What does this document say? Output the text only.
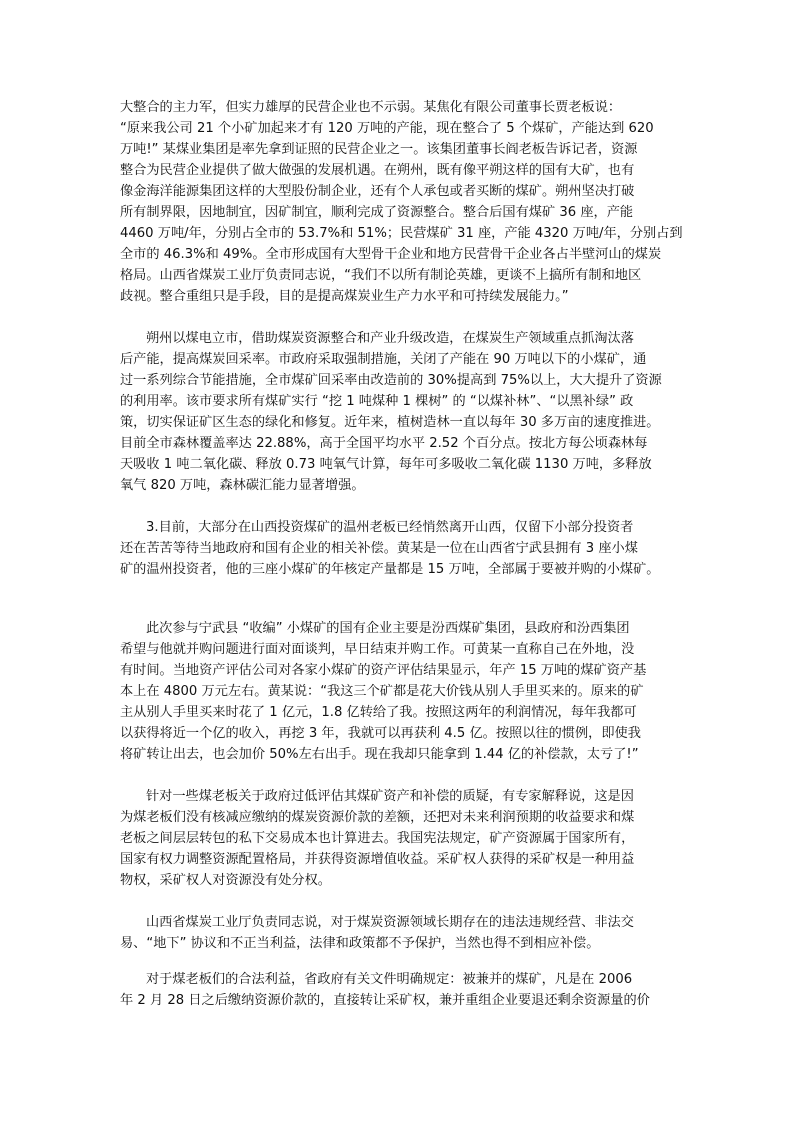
大整合的主力军，但实力雄厚的民营企业也不示弱。某焦化有限公司董事长贾老板说：
“原来我公司 21 个小矿加起来才有 120 万吨的产能，现在整合了 5 个煤矿，产能达到 620
万吨!” 某煤业集团是率先拿到证照的民营企业之一。该集团董事长阎老板告诉记者，资源
整合为民营企业提供了做大做强的发展机遇。在朔州，既有像平朔这样的国有大矿，也有
像金海洋能源集团这样的大型股份制企业，还有个人承包或者买断的煤矿。朔州坚决打破
所有制界限，因地制宜，因矿制宜，顺利完成了资源整合。整合后国有煤矿 36 座，产能
4460 万吨/年，分别占全市的 53.7%和 51%；民营煤矿 31 座，产能 4320 万吨/年，分别占到
全市的 46.3%和 49%。全市形成国有大型骨干企业和地方民营骨干企业各占半壁河山的煤炭
格局。山西省煤炭工业厅负责同志说，“我们不以所有制论英雄，更谈不上搞所有制和地区
歧视。整合重组只是手段，目的是提高煤炭业生产力水平和可持续发展能力。”
朔州以煤电立市，借助煤炭资源整合和产业升级改造，在煤炭生产领域重点抓淘汰落
后产能，提高煤炭回采率。市政府采取强制措施，关闭了产能在 90 万吨以下的小煤矿，通
过一系列综合节能措施，全市煤矿回采率由改造前的 30%提高到 75%以上，大大提升了资源
的利用率。该市要求所有煤矿实行 “挖 1 吨煤种 1 棵树” 的 “以煤补林”、“以黑补绿” 政
策，切实保证矿区生态的绿化和修复。近年来，植树造林一直以每年 30 多万亩的速度推进。
目前全市森林覆盖率达 22.88%，高于全国平均水平 2.52 个百分点。按北方每公顷森林每
天吸收 1 吨二氧化碳、释放 0.73 吨氧气计算，每年可多吸收二氧化碳 1130 万吨，多释放
氧气 820 万吨，森林碳汇能力显著增强。
3.目前，大部分在山西投资煤矿的温州老板已经悄然离开山西，仅留下小部分投资者
还在苦苦等待当地政府和国有企业的相关补偿。黄某是一位在山西省宁武县拥有 3 座小煤
矿的温州投资者，他的三座小煤矿的年核定产量都是 15 万吨，全部属于要被并购的小煤矿。
此次参与宁武县 “收编” 小煤矿的国有企业主要是汾西煤矿集团，县政府和汾西集团
希望与他就并购问题进行面对面谈判，早日结束并购工作。可黄某一直称自己在外地，没
有时间。当地资产评估公司对各家小煤矿的资产评估结果显示，年产 15 万吨的煤矿资产基
本上在 4800 万元左右。黄某说：“我这三个矿都是花大价钱从别人手里买来的。原来的矿
主从别人手里买来时花了 1 亿元，1.8 亿转给了我。按照这两年的利润情况，每年我都可
以获得将近一个亿的收入，再挖 3 年，我就可以再获利 4.5 亿。按照以往的惯例，即使我
将矿转让出去，也会加价 50%左右出手。现在我却只能拿到 1.44 亿的补偿款，太亏了!”
针对一些煤老板关于政府过低评估其煤矿资产和补偿的质疑，有专家解释说，这是因
为煤老板们没有核减应缴纳的煤炭资源价款的差额，还把对未来利润预期的收益要求和煤
老板之间层层转包的私下交易成本也计算进去。我国宪法规定，矿产资源属于国家所有，
国家有权力调整资源配置格局，并获得资源增值收益。采矿权人获得的采矿权是一种用益
物权，采矿权人对资源没有处分权。
山西省煤炭工业厅负责同志说，对于煤炭资源领域长期存在的违法违规经营、非法交
易、“地下” 协议和不正当利益，法律和政策都不予保护，当然也得不到相应补偿。
对于煤老板们的合法利益，省政府有关文件明确规定：被兼并的煤矿，凡是在 2006
年 2 月 28 日之后缴纳资源价款的，直接转让采矿权，兼并重组企业要退还剩余资源量的价
